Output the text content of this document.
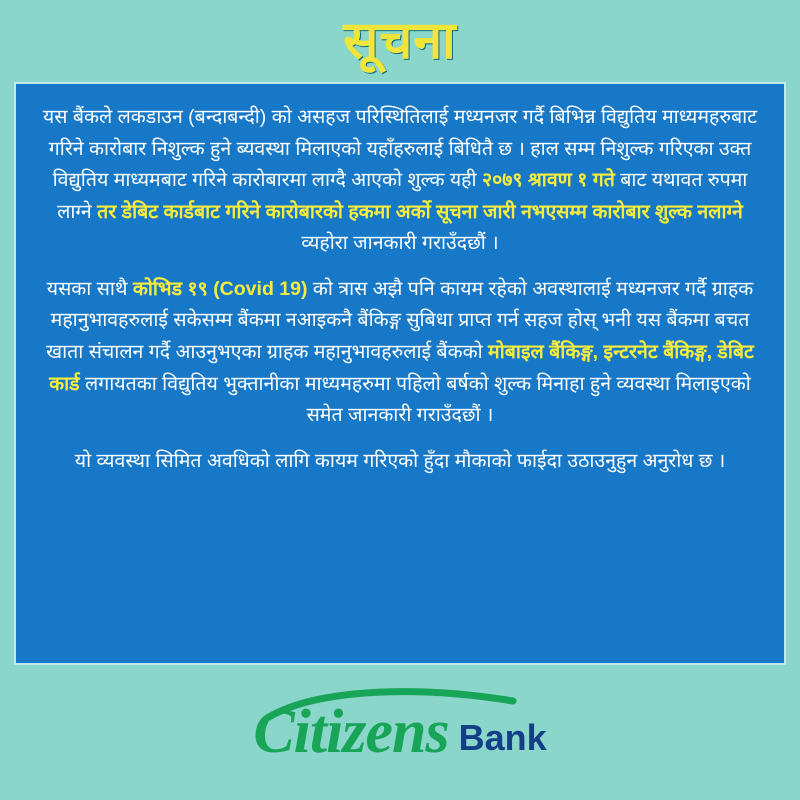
सूचना

यस बैंकले लकडाउन (बन्दाबन्दी) को असहज परिस्थितिलाई मध्यनजर गर्दै बिभिन्न विद्युतिय माध्यमहरुबाट गरिने कारोबार निशुल्क हुने ब्यवस्था मिलाएको यहाँहरुलाई बिधितै छ । हाल सम्म निशुल्क गरिएका उक्त विद्युतिय माध्यमबाट गरिने कारोबारमा लाग्दै आएको शुल्क यही २०७९ श्रावण १ गते बाट यथावत रुपमा लाग्ने तर डेबिट कार्डबाट गरिने कारोबारको हकमा अर्को सूचना जारी नभएसम्म कारोबार शुल्क नलाग्ने व्यहोरा जानकारी गराउँदछौं ।

यसका साथै कोभिड १९ (Covid 19) को त्रास अझै पनि कायम रहेको अवस्थालाई मध्यनजर गर्दै ग्राहक महानुभावहरुलाई सकेसम्म बैंकमा नआइकनै बैंकिङ्ग सुबिधा प्राप्त गर्न सहज होस् भनी यस बैंकमा बचत खाता संचालन गर्दै आउनुभएका ग्राहक महानुभावहरुलाई बैंकको मोबाइल बैंकिङ्ग, इन्टरनेट बैंकिङ्ग, डेबिट कार्ड लगायतका विद्युतिय भुक्तानीका माध्यमहरुमा पहिलो बर्षको शुल्क मिनाहा हुने व्यवस्था मिलाइएको समेत जानकारी गराउँदछौं ।

यो व्यवस्था सिमित अवधिको लागि कायम गरिएको हुँदा मौकाको फाईदा उठाउनुहुन अनुरोध छ ।

Citizens Bank
